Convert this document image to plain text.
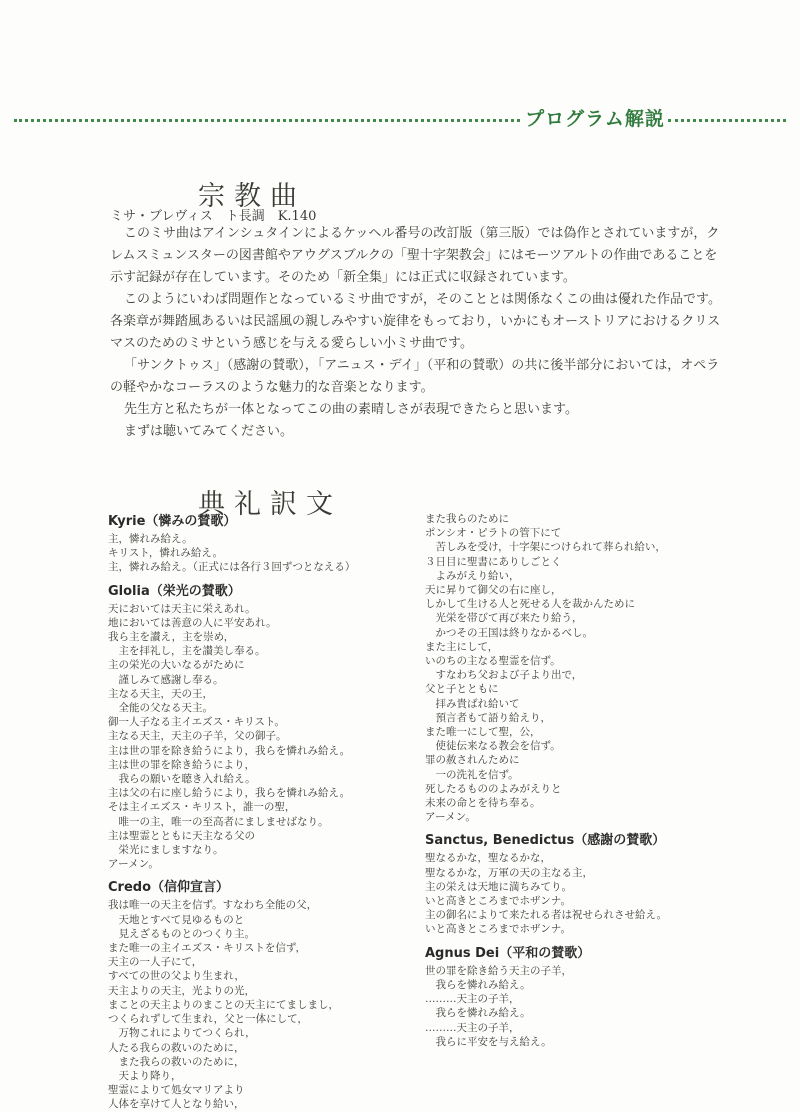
プログラム解説
宗教曲
ミサ・ブレヴィス　ト長調　K.140

このミサ曲はアインシュタインによるケッヘル番号の改訂版（第三版）では偽作とされていますが，クレムスミュンスターの図書館やアウグスブルクの「聖十字架教会」にはモーツアルトの作曲であることを示す記録が存在しています。そのため「新全集」には正式に収録されています。

このようにいわば問題作となっているミサ曲ですが，そのこととは関係なくこの曲は優れた作品です。各楽章が舞踏風あるいは民謡風の親しみやすい旋律をもっており，いかにもオーストリアにおけるクリスマスのためのミサという感じを与える愛らしい小ミサ曲です。

「サンクトゥス」（感謝の賛歌），「アニュス・デイ」（平和の賛歌）の共に後半部分においては，オペラの軽やかなコーラスのような魅力的な音楽となります。

先生方と私たちが一体となってこの曲の素晴しさが表現できたらと思います。

まずは聴いてみてください。

典礼訳文
Kyrie（憐みの賛歌）
主，憐れみ給え。
キリスト，憐れみ給え。
主，憐れみ給え。（正式には各行３回ずつとなえる）
Glolia（栄光の賛歌）
天においては天主に栄えあれ。
地においては善意の人に平安あれ。
我ら主を讃え，主を崇め，
　主を拝礼し，主を讃美し奉る。
主の栄光の大いなるがために
　謹しみて感謝し奉る。
主なる天主，天の王，
　全能の父なる天主。
御一人子なる主イエズス・キリスト。
主なる天主，天主の子羊，父の御子。
主は世の罪を除き給うにより，我らを憐れみ給え。
主は世の罪を除き給うにより，
　我らの願いを聴き入れ給え。
主は父の右に座し給うにより，我らを憐れみ給え。
そは主イエズス・キリスト，誰一の聖，
　唯一の主，唯一の至高者にましませばなり。
主は聖霊とともに天主なる父の
　栄光にましますなり。
アーメン。
Credo（信仰宣言）
我は唯一の天主を信ず。すなわち全能の父，
　天地とすべて見ゆるものと
　見えざるものとのつくり主。
また唯一の主イエズス・キリストを信ず，
天主の一人子にて，
すべての世の父より生まれ，
天主よりの天主，光よりの光，
まことの天主よりのまことの天主にてましまし，
つくられずして生まれ，父と一体にして，
　万物これによりてつくられ，
人たる我らの救いのために，
　また我らの救いのために，
　天より降り，
聖霊によりて処女マリアより
人体を享けて人となり給い，
また我らのために
ポンシオ・ピラトの管下にて
　苦しみを受け，十字架につけられて葬られ給い，
３日目に聖書にありしごとく
　よみがえり給い，
天に昇りて御父の右に座し，
しかして生ける人と死せる人を裁かんために
　光栄を帯びて再び来たり給う，
　かつその王国は終りなかるべし。
また主にして，
いのちの主なる聖霊を信ず。
　すなわち父および子より出で，
父と子とともに
　拝み貴ばれ給いて
　預言者もて語り給えり，
また唯一にして聖，公，
　使徒伝来なる教会を信ず。
罪の赦されんために
　一の洗礼を信ず。
死したるもののよみがえりと
未来の命とを待ち奉る。
アーメン。
Sanctus, Benedictus（感謝の賛歌）
聖なるかな，聖なるかな，
聖なるかな，万軍の天の主なる主，
主の栄えは天地に満ちみてり。
いと高きところまでホザンナ。
主の御名によりて来たれる者は祝せられさせ給え。
いと高きところまでホザンナ。
Agnus Dei（平和の賛歌）
世の罪を除き給う天主の子羊，
　我らを憐れみ給え。
………天主の子羊，
　我らを憐れみ給え。
………天主の子羊，
　我らに平安を与え給え。
